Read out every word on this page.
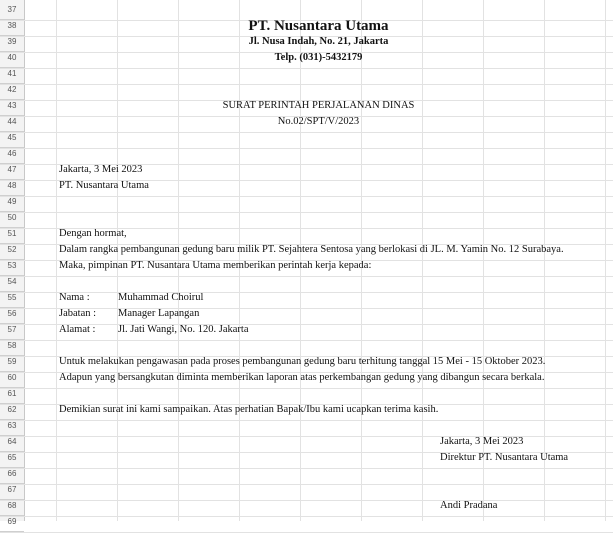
37
38	PT. Nusantara Utama
39	Jl. Nusa Indah, No. 21, Jakarta
40	Telp. (031)-5432179
41
42
43	SURAT PERINTAH PERJALANAN DINAS
44	No.02/SPT/V/2023
45
46
47	Jakarta, 3 Mei 2023
48	PT. Nusantara Utama
49
50
51	Dengan hormat,
52	Dalam rangka pembangunan gedung baru milik PT. Sejahtera Sentosa yang berlokasi di JL. M. Yamin No. 12 Surabaya.
53	Maka, pimpinan PT. Nusantara Utama memberikan perintah kerja kepada:
54
55	Nama :	Muhammad Choirul
56	Jabatan : Manager Lapangan
57	Alamat : Jl. Jati Wangi, No. 120. Jakarta
58
59	Untuk melakukan pengawasan pada proses pembangunan gedung baru terhitung tanggal 15 Mei - 15 Oktober 2023.
60	Adapun yang bersangkutan diminta memberikan laporan atas perkembangan gedung yang dibangun secara berkala.
61
62	Demikian surat ini kami sampaikan. Atas perhatian Bapak/Ibu kami ucapkan terima kasih.
63
64	Jakarta, 3 Mei 2023
65	Direktur PT. Nusantara Utama
66
67
68	Andi Pradana
69
